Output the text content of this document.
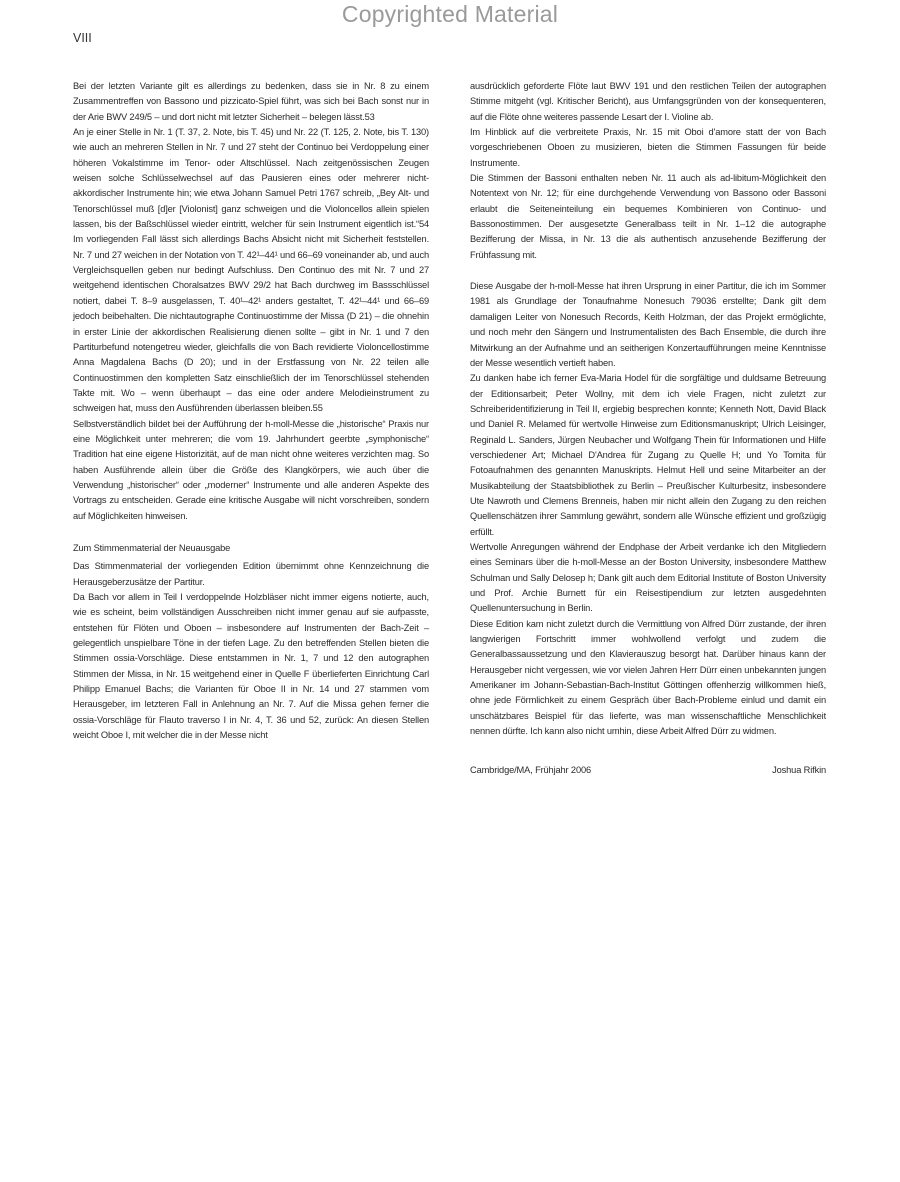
Copyrighted Material
VIII

Bei der letzten Variante gilt es allerdings zu bedenken, dass sie in Nr. 8 zu einem Zusammentreffen von Bassono und pizzicato-Spiel führt, was sich bei Bach sonst nur in der Arie BWV 249/5 – und dort nicht mit letzter Sicherheit – belegen lässt.53

An je einer Stelle in Nr. 1 (T. 37, 2. Note, bis T. 45) und Nr. 22 (T. 125, 2. Note, bis T. 130) wie auch an mehreren Stellen in Nr. 7 und 27 steht der Continuo bei Verdoppelung einer höheren Vokalstimme im Tenor- oder Altschlüssel. Nach zeitgenössischen Zeugen weisen solche Schlüsselwechsel auf das Pausieren eines oder mehrerer nicht-akkordischer Instrumente hin; wie etwa Johann Samuel Petri 1767 schreib, „Bey Alt- und Tenorschlüssel muß [d]er [Violonist] ganz schweigen und die Violoncellos allein spielen lassen, bis der Baßschlüssel wieder eintritt, welcher für sein Instrument eigentlich ist.“54 Im vorliegenden Fall lässt sich allerdings Bachs Absicht nicht mit Sicherheit feststellen. Nr. 7 und 27 weichen in der Notation von T. 42¹–44¹ und 66–69 voneinander ab, und auch Vergleichsquellen geben nur bedingt Aufschluss. Den Continuo des mit Nr. 7 und 27 weitgehend identischen Choralsatzes BWV 29/2 hat Bach durchweg im Bassschlüssel notiert, dabei T. 8–9 ausgelassen, T. 40¹–42¹ anders gestaltet, T. 42¹–44¹ und 66–69 jedoch beibehalten. Die nichtautographe Continuostimme der Missa (D 21) – die ohnehin in erster Linie der akkordischen Realisierung dienen sollte – gibt in Nr. 1 und 7 den Partiturbefund notengetreu wieder, gleichfalls die von Bach revidierte Violoncellostimme Anna Magdalena Bachs (D 20); und in der Erstfassung von Nr. 22 teilen alle Continuostimmen den kompletten Satz einschließlich der im Tenorschlüssel stehenden Takte mit. Wo – wenn überhaupt – das eine oder andere Melodieinstrument zu schweigen hat, muss den Ausführenden überlassen bleiben.55

Selbstverständlich bildet bei der Aufführung der h-moll-Messe die „historische“ Praxis nur eine Möglichkeit unter mehreren; die vom 19. Jahrhundert geerbte „symphonische“ Tradition hat eine eigene Historizität, auf de man nicht ohne weiteres verzichten mag. So haben Ausführende allein über die Größe des Klangkörpers, wie auch über die Verwendung „historischer“ oder „moderner“ Instrumente und alle anderen Aspekte des Vortrags zu entscheiden. Gerade eine kritische Ausgabe will nicht vorschreiben, sondern auf Möglichkeiten hinweisen.

Zum Stimmenmaterial der Neuausgabe

Das Stimmenmaterial der vorliegenden Edition übernimmt ohne Kennzeichnung die Herausgeberzusätze der Partitur.

Da Bach vor allem in Teil I verdoppelnde Holzbläser nicht immer eigens notierte, auch, wie es scheint, beim vollständigen Ausschreiben nicht immer genau auf sie aufpasste, entstehen für Flöten und Oboen – insbesondere auf Instrumenten der Bach-Zeit – gelegentlich unspielbare Töne in der tiefen Lage. Zu den betreffenden Stellen bieten die Stimmen ossia-Vorschläge. Diese entstammen in Nr. 1, 7 und 12 den autographen Stimmen der Missa, in Nr. 15 weitgehend einer in Quelle F überlieferten Einrichtung Carl Philipp Emanuel Bachs; die Varianten für Oboe II in Nr. 14 und 27 stammen vom Herausgeber, im letzteren Fall in Anlehnung an Nr. 7. Auf die Missa gehen ferner die ossia-Vorschläge für Flauto traverso I in Nr. 4, T. 36 und 52, zurück: An diesen Stellen weicht Oboe I, mit welcher die in der Messe nicht

ausdrücklich geforderte Flöte laut BWV 191 und den restlichen Teilen der autographen Stimme mitgeht (vgl. Kritischer Bericht), aus Umfangsgründen von der konsequenteren, auf die Flöte ohne weiteres passende Lesart der I. Violine ab.

Im Hinblick auf die verbreitete Praxis, Nr. 15 mit Oboi d'amore statt der von Bach vorgeschriebenen Oboen zu musizieren, bieten die Stimmen Fassungen für beide Instrumente.

Die Stimmen der Bassoni enthalten neben Nr. 11 auch als ad-libitum-Möglichkeit den Notentext von Nr. 12; für eine durchgehende Verwendung von Bassono oder Bassoni erlaubt die Seiteneinteilung ein bequemes Kombinieren von Continuo- und Bassonostimmen. Der ausgesetzte Generalbass teilt in Nr. 1–12 die autographe Bezifferung der Missa, in Nr. 13 die als authentisch anzusehende Bezifferung der Frühfassung mit.

Diese Ausgabe der h-moll-Messe hat ihren Ursprung in einer Partitur, die ich im Sommer 1981 als Grundlage der Tonaufnahme Nonesuch 79036 erstellte; Dank gilt dem damaligen Leiter von Nonesuch Records, Keith Holzman, der das Projekt ermöglichte, und noch mehr den Sängern und Instrumentalisten des Bach Ensemble, die durch ihre Mitwirkung an der Aufnahme und an seitherigen Konzertaufführungen meine Kenntnisse der Messe wesentlich vertieft haben.

Zu danken habe ich ferner Eva-Maria Hodel für die sorgfältige und duldsame Betreuung der Editionsarbeit; Peter Wollny, mit dem ich viele Fragen, nicht zuletzt zur Schreiberidentifizierung in Teil II, ergiebig besprechen konnte; Kenneth Nott, David Black und Daniel R. Melamed für wertvolle Hinweise zum Editionsmanuskript; Ulrich Leisinger, Reginald L. Sanders, Jürgen Neubacher und Wolfgang Thein für Informationen und Hilfe verschiedener Art; Michael D'Andrea für Zugang zu Quelle H; und Yo Tomita für Fotoaufnahmen des genannten Manuskripts. Helmut Hell und seine Mitarbeiter an der Musikabteilung der Staatsbibliothek zu Berlin – Preußischer Kulturbesitz, insbesondere Ute Nawroth und Clemens Brenneis, haben mir nicht allein den Zugang zu den reichen Quellenschätzen ihrer Sammlung gewährt, sondern alle Wünsche effizient und großzügig erfüllt.

Wertvolle Anregungen während der Endphase der Arbeit verdanke ich den Mitgliedern eines Seminars über die h-moll-Messe an der Boston University, insbesondere Matthew Schulman und Sally Delosep h; Dank gilt auch dem Editorial Institute of Boston University und Prof. Archie Burnett für ein Reisestipendium zur letzten ausgedehnten Quellenuntersuchung in Berlin.

Diese Edition kam nicht zuletzt durch die Vermittlung von Alfred Dürr zustande, der ihren langwierigen Fortschritt immer wohlwollend verfolgt und zudem die Generalbassaussetzung und den Klavierauszug besorgt hat. Darüber hinaus kann der Herausgeber nicht vergessen, wie vor vielen Jahren Herr Dürr einen unbekannten jungen Amerikaner im Johann-Sebastian-Bach-Institut Göttingen offenherzig willkommen hieß, ohne jede Förmlichkeit zu einem Gespräch über Bach-Probleme einlud und damit ein unschätzbares Beispiel für das lieferte, was man wissenschaftliche Menschlichkeit nennen dürfte. Ich kann also nicht umhin, diese Arbeit Alfred Dürr zu widmen.

Cambridge/MA, Frühjahr 2006	Joshua Rifkin
